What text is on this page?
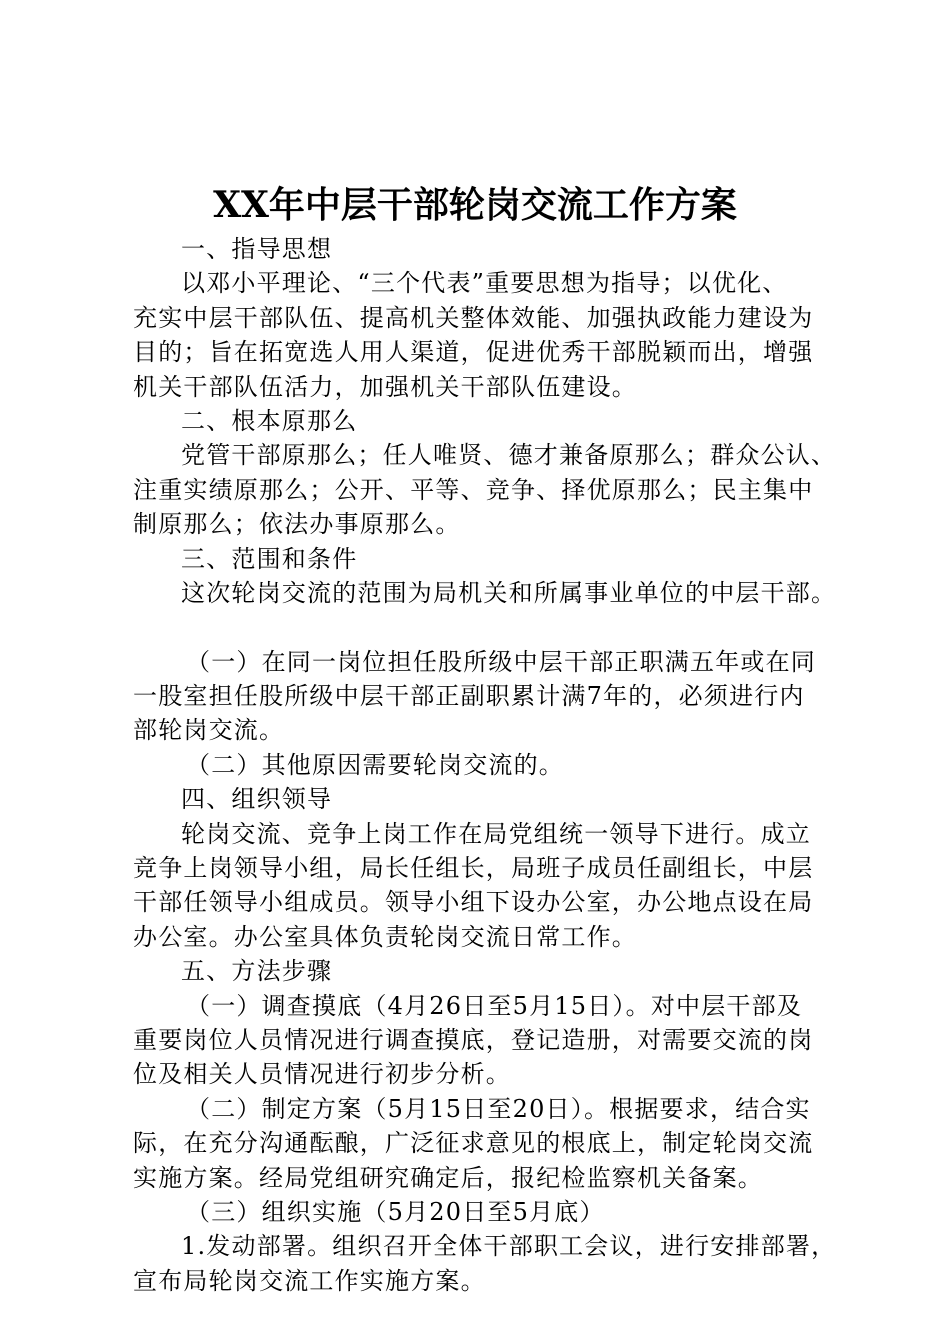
XX年中层干部轮岗交流工作方案
一、指导思想
以邓小平理论、“三个代表”重要思想为指导；以优化、
充实中层干部队伍、提高机关整体效能、加强执政能力建设为
目的；旨在拓宽选人用人渠道，促进优秀干部脱颖而出，增强
机关干部队伍活力，加强机关干部队伍建设。
二、根本原那么
党管干部原那么；任人唯贤、德才兼备原那么；群众公认、
注重实绩原那么；公开、平等、竞争、择优原那么；民主集中
制原那么；依法办事原那么。
三、范围和条件
这次轮岗交流的范围为局机关和所属事业单位的中层干部。
（一）在同一岗位担任股所级中层干部正职满五年或在同
一股室担任股所级中层干部正副职累计满7年的，必须进行内
部轮岗交流。
（二）其他原因需要轮岗交流的。
四、组织领导
轮岗交流、竞争上岗工作在局党组统一领导下进行。成立
竞争上岗领导小组，局长任组长，局班子成员任副组长，中层
干部任领导小组成员。领导小组下设办公室，办公地点设在局
办公室。办公室具体负责轮岗交流日常工作。
五、方法步骤
（一）调查摸底（4月26日至5月15日）。对中层干部及
重要岗位人员情况进行调查摸底，登记造册，对需要交流的岗
位及相关人员情况进行初步分析。
（二）制定方案（5月15日至20日）。根据要求，结合实
际，在充分沟通酝酿，广泛征求意见的根底上，制定轮岗交流
实施方案。经局党组研究确定后，报纪检监察机关备案。
（三）组织实施（5月20日至5月底）
1.发动部署。组织召开全体干部职工会议，进行安排部署，
宣布局轮岗交流工作实施方案。
